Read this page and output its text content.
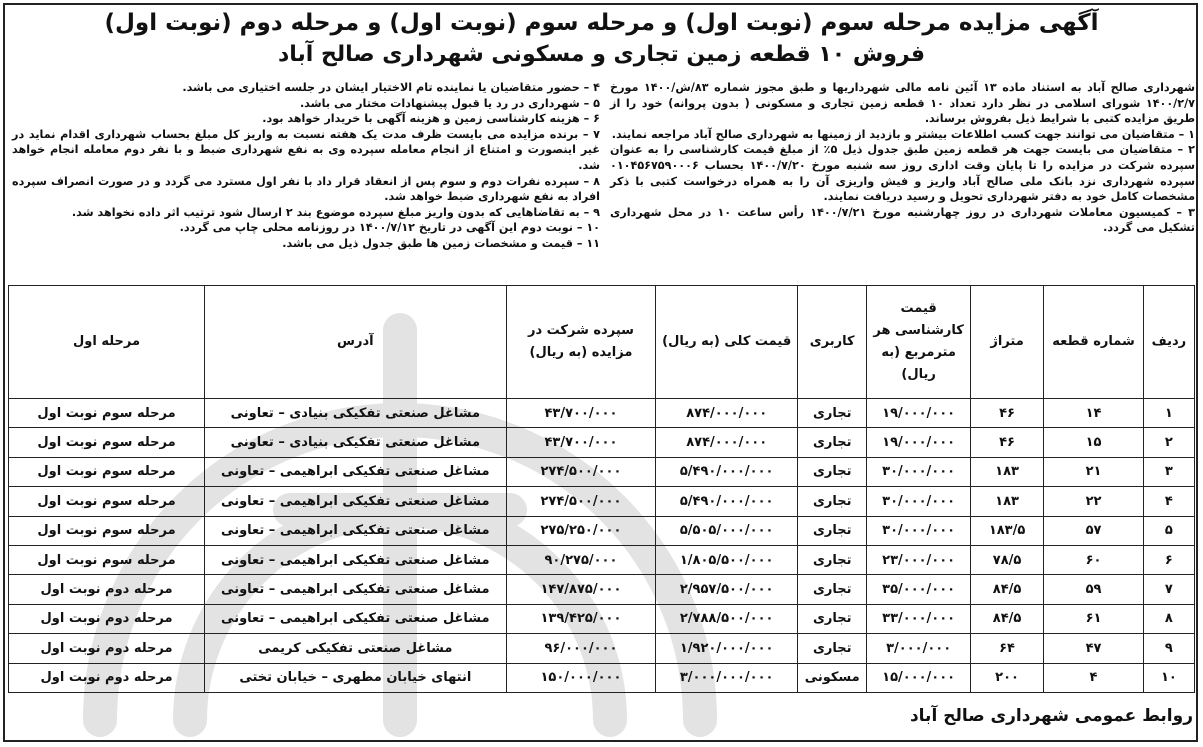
آگهی مزایده مرحله سوم (نوبت اول) و مرحله سوم (نوبت اول) و مرحله دوم (نوبت اول)
فروش ۱۰ قطعه زمین تجاری و مسکونی شهرداری صالح آباد

شهرداری صالح آباد به استناد ماده ۱۳ آئین نامه مالی شهرداریها و طبق مجوز شماره ۸۳/ش/۱۴۰۰ مورخ ۱۴۰۰/۲/۷ شورای اسلامی در نظر دارد تعداد ۱۰ قطعه زمین تجاری و مسکونی ( بدون پروانه) خود را از طریق مزایده کتبی با شرایط ذیل بفروش برساند.

۱ – متقاضیان می توانند جهت کسب اطلاعات بیشتر و بازدید از زمینها به شهرداری صالح آباد مراجعه نمایند.

۲ – متقاضیان می بایست جهت هر قطعه زمین طبق جدول ذیل ۵٪ از مبلغ قیمت کارشناسی را به عنوان سپرده شرکت در مزایده را تا پایان وقت اداری روز سه شنبه مورخ ۱۴۰۰/۷/۲۰ بحساب ۰۱۰۴۵۶۷۵۹۰۰۰۶ سپرده شهرداری نزد بانک ملی صالح آباد واریز و فیش واریزی آن را به همراه درخواست کتبی با ذکر مشخصات کامل خود به دفتر شهرداری تحویل و رسید دریافت نمایند.

۳ – کمیسیون معاملات شهرداری در روز چهارشنبه مورخ ۱۴۰۰/۷/۲۱ رأس ساعت ۱۰ در محل شهرداری تشکیل می گردد.

۴ – حضور متقاضیان یا نماینده تام الاختیار ایشان در جلسه اختیاری می باشد.

۵ – شهرداری در رد یا قبول پیشنهادات مختار می باشد.

۶ – هزینه کارشناسی زمین و هزینه آگهی با خریدار خواهد بود.

۷ – برنده مزایده می بایست ظرف مدت یک هفته نسبت به واریز کل مبلغ بحساب شهرداری اقدام نماید در غیر اینصورت و امتناع از انجام معامله سپرده وی به نفع شهرداری ضبط و با نفر دوم معامله انجام خواهد شد.

۸ – سپرده نفرات دوم و سوم پس از انعقاد قرار داد با نفر اول مسترد می گردد و در صورت انصراف سپرده افراد به نفع شهرداری ضبط خواهد شد.

۹ – به تقاضاهایی که بدون واریز مبلغ سپرده موضوع بند ۲ ارسال شود ترتیب اثر داده نخواهد شد.

۱۰ – نوبت دوم این آگهی در تاریخ ۱۴۰۰/۷/۱۲ در روزنامه محلی چاپ می گردد.

۱۱ – قیمت و مشخصات زمین ها طبق جدول ذیل می باشد.

ردیف	شماره قطعه	متراژ	قیمت کارشناسی هر مترمربع (به ریال)	کاربری	قیمت کلی (به ریال)	سپرده شرکت در مزایده (به ریال)	آدرس	مرحله اول
۱	۱۴	۴۶	۱۹/۰۰۰/۰۰۰	تجاری	۸۷۴/۰۰۰/۰۰۰	۴۳/۷۰۰/۰۰۰	مشاغل صنعتی تفکیکی بنیادی – تعاونی	مرحله سوم نوبت اول
۲	۱۵	۴۶	۱۹/۰۰۰/۰۰۰	تجاری	۸۷۴/۰۰۰/۰۰۰	۴۳/۷۰۰/۰۰۰	مشاغل صنعتی تفکیکی بنیادی – تعاونی	مرحله سوم نوبت اول
۳	۲۱	۱۸۳	۳۰/۰۰۰/۰۰۰	تجاری	۵/۴۹۰/۰۰۰/۰۰۰	۲۷۴/۵۰۰/۰۰۰	مشاغل صنعتی تفکیکی ابراهیمی – تعاونی	مرحله سوم نوبت اول
۴	۲۲	۱۸۳	۳۰/۰۰۰/۰۰۰	تجاری	۵/۴۹۰/۰۰۰/۰۰۰	۲۷۴/۵۰۰/۰۰۰	مشاغل صنعتی تفکیکی ابراهیمی – تعاونی	مرحله سوم نوبت اول
۵	۵۷	۱۸۳/۵	۳۰/۰۰۰/۰۰۰	تجاری	۵/۵۰۵/۰۰۰/۰۰۰	۲۷۵/۲۵۰/۰۰۰	مشاغل صنعتی تفکیکی ابراهیمی – تعاونی	مرحله سوم نوبت اول
۶	۶۰	۷۸/۵	۲۳/۰۰۰/۰۰۰	تجاری	۱/۸۰۵/۵۰۰/۰۰۰	۹۰/۲۷۵/۰۰۰	مشاغل صنعتی تفکیکی ابراهیمی – تعاونی	مرحله سوم نوبت اول
۷	۵۹	۸۴/۵	۳۵/۰۰۰/۰۰۰	تجاری	۲/۹۵۷/۵۰۰/۰۰۰	۱۴۷/۸۷۵/۰۰۰	مشاغل صنعتی تفکیکی ابراهیمی – تعاونی	مرحله دوم نوبت اول
۸	۶۱	۸۴/۵	۳۳/۰۰۰/۰۰۰	تجاری	۲/۷۸۸/۵۰۰/۰۰۰	۱۳۹/۴۲۵/۰۰۰	مشاغل صنعتی تفکیکی ابراهیمی – تعاونی	مرحله دوم نوبت اول
۹	۴۷	۶۴	۳/۰۰۰/۰۰۰	تجاری	۱/۹۲۰/۰۰۰/۰۰۰	۹۶/۰۰۰/۰۰۰	مشاغل صنعتی تفکیکی کریمی	مرحله دوم نوبت اول
۱۰	۴	۲۰۰	۱۵/۰۰۰/۰۰۰	مسکونی	۳/۰۰۰/۰۰۰/۰۰۰	۱۵۰/۰۰۰/۰۰۰	انتهای خیابان مطهری – خیابان تختی	مرحله دوم نوبت اول
روابط عمومی شهرداری صالح آباد
